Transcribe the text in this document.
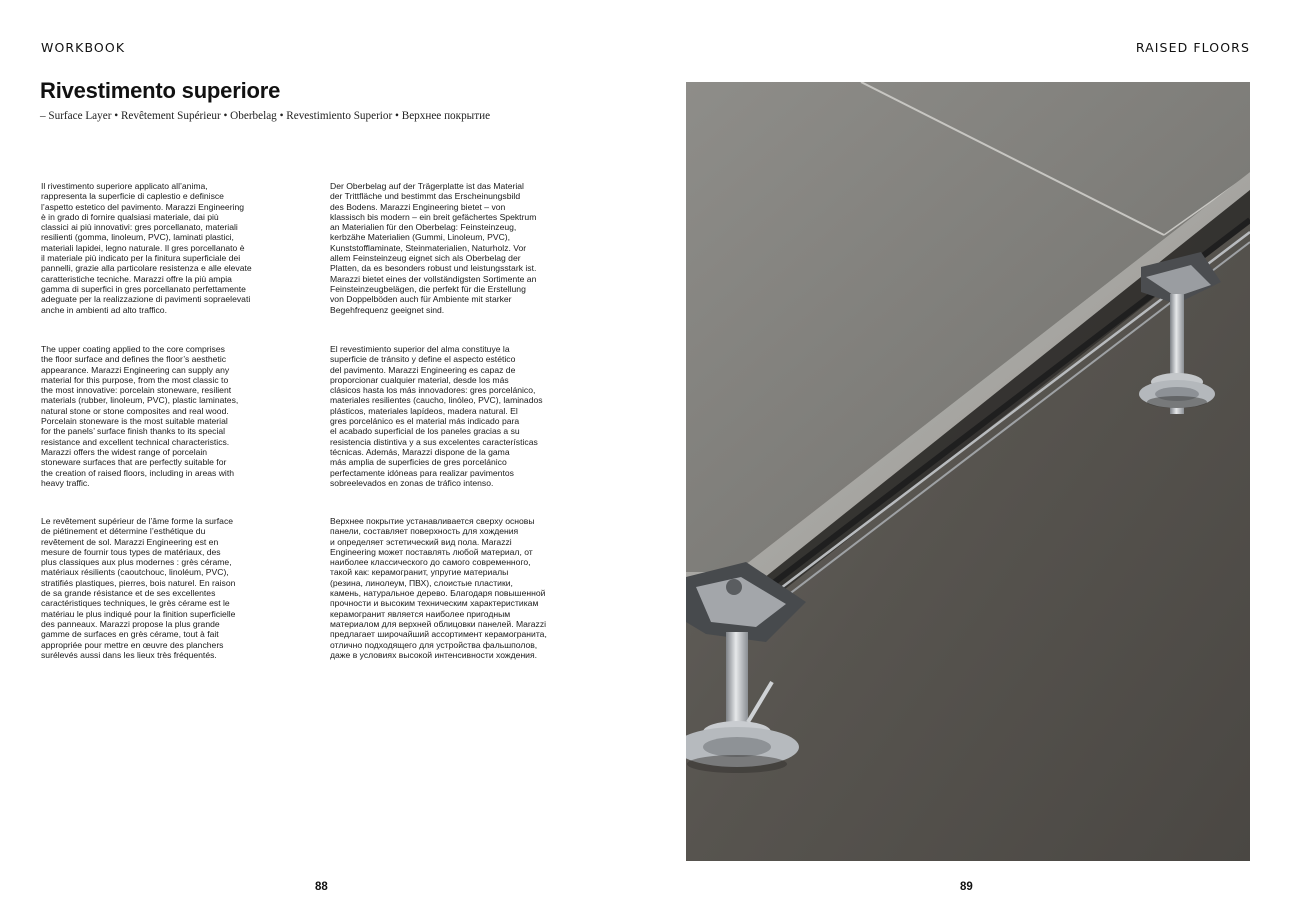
WORKBOOK	RAISED FLOORS
Rivestimento superiore
– Surface Layer • Revêtement Supérieur • Oberbelag • Revestimiento Superior • Верхнее покрытие
Il rivestimento superiore applicato all’anima,
rappresenta la superficie di caplestio e definisce
l’aspetto estetico del pavimento. Marazzi Engineering
è in grado di fornire qualsiasi materiale, dai più
classici ai più innovativi: gres porcellanato, materiali
resilienti (gomma, linoleum, PVC), laminati plastici,
materiali lapidei, legno naturale. Il gres porcellanato è
il materiale più indicato per la finitura superficiale dei
pannelli, grazie alla particolare resistenza e alle elevate
caratteristiche tecniche. Marazzi offre la più ampia
gamma di superfici in gres porcellanato perfettamente
adeguate per la realizzazione di pavimenti sopraelevati
anche in ambienti ad alto traffico.
The upper coating applied to the core comprises
the floor surface and defines the floor’s aesthetic
appearance. Marazzi Engineering can supply any
material for this purpose, from the most classic to
the most innovative: porcelain stoneware, resilient
materials (rubber, linoleum, PVC), plastic laminates,
natural stone or stone composites and real wood.
Porcelain stoneware is the most suitable material
for the panels’ surface finish thanks to its special
resistance and excellent technical characteristics.
Marazzi offers the widest range of porcelain
stoneware surfaces that are perfectly suitable for
the creation of raised floors, including in areas with
heavy traffic.
Le revêtement supérieur de l’âme forme la surface
de piétinement et détermine l’esthétique du
revêtement de sol. Marazzi Engineering est en
mesure de fournir tous types de matériaux, des
plus classiques aux plus modernes : grès cérame,
matériaux résilients (caoutchouc, linoléum, PVC),
stratifiés plastiques, pierres, bois naturel. En raison
de sa grande résistance et de ses excellentes
caractéristiques techniques, le grès cérame est le
matériau le plus indiqué pour la finition superficielle
des panneaux. Marazzi propose la plus grande
gamme de surfaces en grès cérame, tout à fait
appropriée pour mettre en œuvre des planchers
surélevés aussi dans les lieux très fréquentés.
Der Oberbelag auf der Trägerplatte ist das Material
der Trittfläche und bestimmt das Erscheinungsbild
des Bodens. Marazzi Engineering bietet – von
klassisch bis modern – ein breit gefächertes Spektrum
an Materialien für den Oberbelag: Feinsteinzeug,
kerbzähe Materialien (Gummi, Linoleum, PVC),
Kunststofflaminate, Steinmaterialien, Naturholz. Vor
allem Feinsteinzeug eignet sich als Oberbelag der
Platten, da es besonders robust und leistungsstark ist.
Marazzi bietet eines der vollständigsten Sortimente an
Feinsteinzeugbelägen, die perfekt für die Erstellung
von Doppelböden auch für Ambiente mit starker
Begehfrequenz geeignet sind.
El revestimiento superior del alma constituye la
superficie de tránsito y define el aspecto estético
del pavimento. Marazzi Engineering es capaz de
proporcionar cualquier material, desde los más
clásicos hasta los más innovadores: gres porcelánico,
materiales resilientes (caucho, linóleo, PVC), laminados
plásticos, materiales lapídeos, madera natural. El
gres porcelánico es el material más indicado para
el acabado superficial de los paneles gracias a su
resistencia distintiva y a sus excelentes características
técnicas. Además, Marazzi dispone de la gama
más amplia de superficies de gres porcelánico
perfectamente idóneas para realizar pavimentos
sobreelevados en zonas de tráfico intenso.
Верхнее покрытие устанавливается сверху основы
панели, составляет поверхность для хождения
и определяет эстетический вид пола. Marazzi
Engineering может поставлять любой материал, от
наиболее классического до самого современного,
такой как: керамогранит, упругие материалы
(резина, линолеум, ПВХ), слоистые пластики,
камень, натуральное дерево. Благодаря повышенной
прочности и высоким техническим характеристикам
керамогранит является наиболее пригодным
материалом для верхней облицовки панелей. Marazzi
предлагает широчайший ассортимент керамогранита,
отлично подходящего для устройства фальшполов,
даже в условиях высокой интенсивности хождения.
88	89
